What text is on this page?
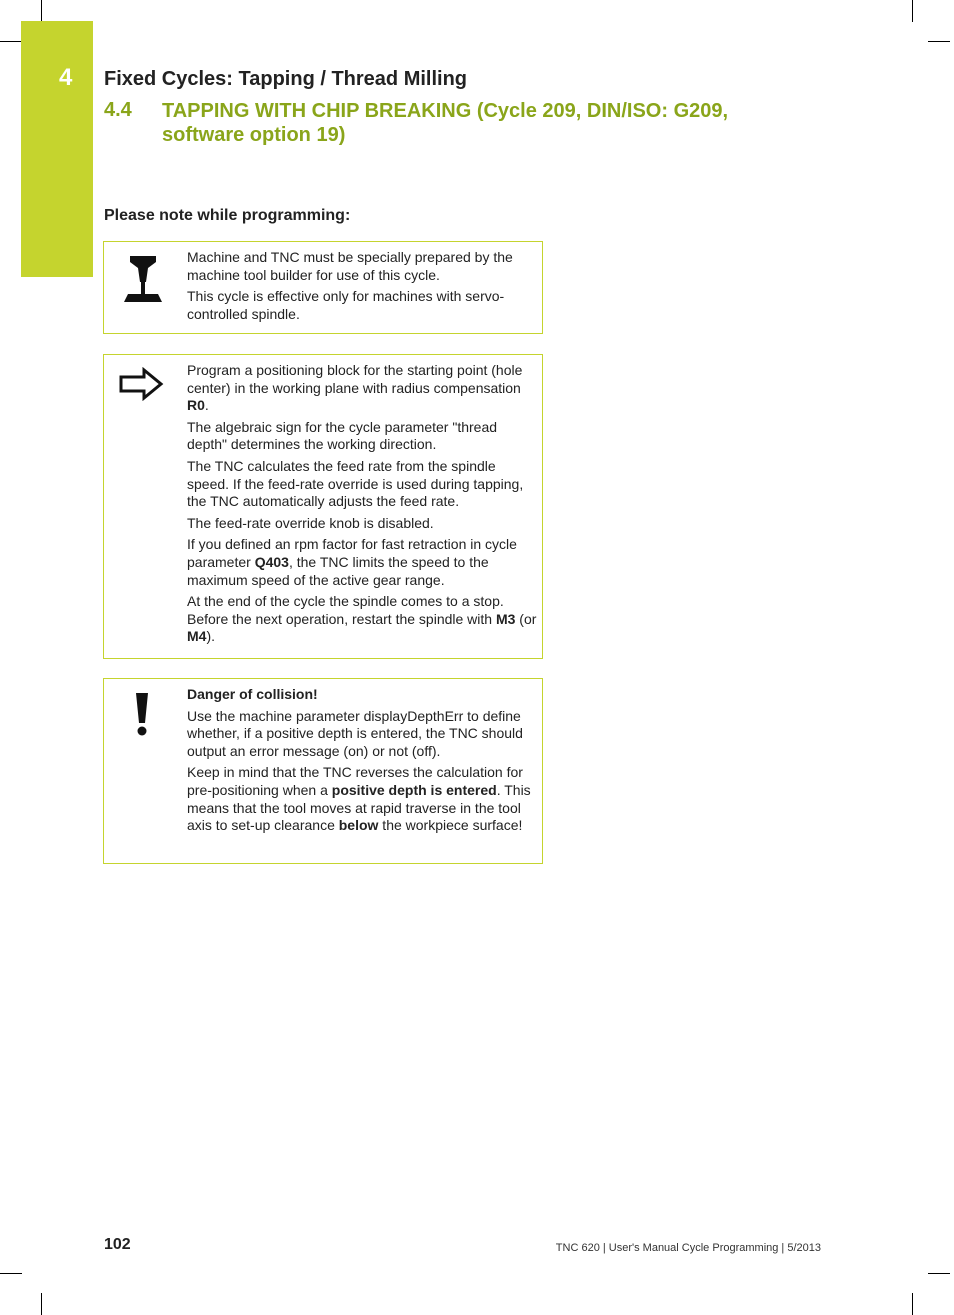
4 Fixed Cycles: Tapping / Thread Milling
4.4 TAPPING WITH CHIP BREAKING (Cycle 209, DIN/ISO: G209, software option 19)
Please note while programming:

Machine and TNC must be specially prepared by the machine tool builder for use of this cycle.

This cycle is effective only for machines with servo-controlled spindle.

Program a positioning block for the starting point (hole center) in the working plane with radius compensation R0.

The algebraic sign for the cycle parameter "thread depth" determines the working direction.

The TNC calculates the feed rate from the spindle speed. If the feed-rate override is used during tapping, the TNC automatically adjusts the feed rate.

The feed-rate override knob is disabled.

If you defined an rpm factor for fast retraction in cycle parameter Q403, the TNC limits the speed to the maximum speed of the active gear range.

At the end of the cycle the spindle comes to a stop. Before the next operation, restart the spindle with M3 (or M4).

Danger of collision!

Use the machine parameter displayDepthErr to define whether, if a positive depth is entered, the TNC should output an error message (on) or not (off).

Keep in mind that the TNC reverses the calculation for pre-positioning when a positive depth is entered. This means that the tool moves at rapid traverse in the tool axis to set-up clearance below the workpiece surface!

102	TNC 620 | User's Manual Cycle Programming | 5/2013
